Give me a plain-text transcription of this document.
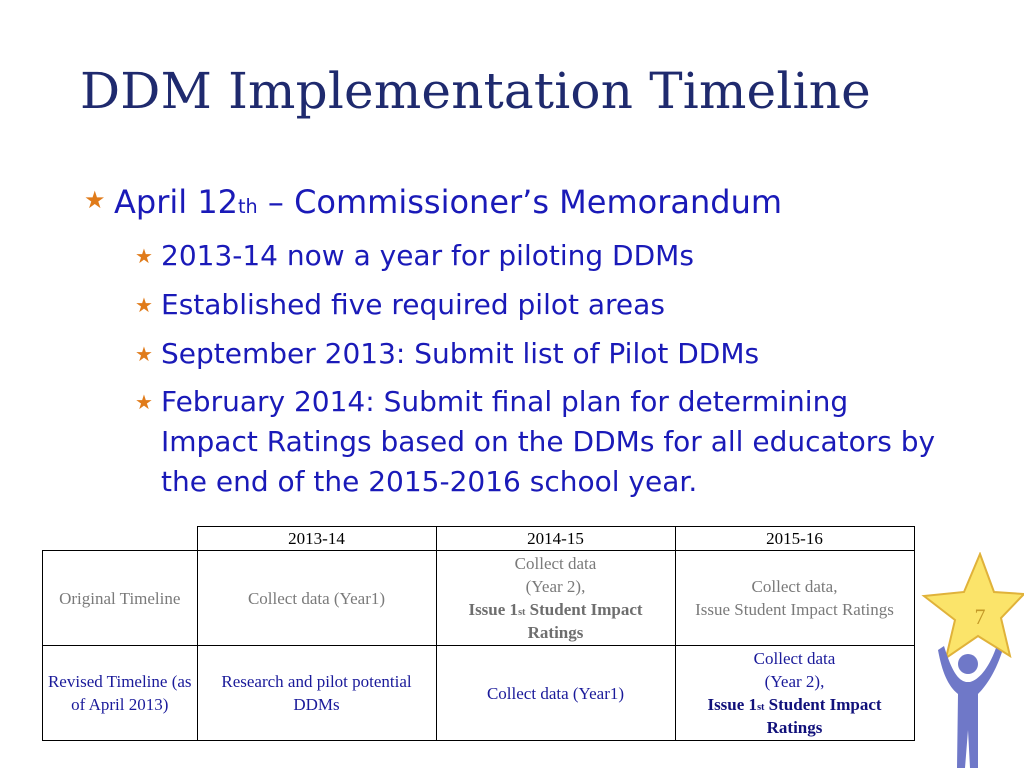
DDM Implementation Timeline
★ April 12th – Commissioner’s Memorandum
★ 2013-14 now a year for piloting DDMs
★ Established five required pilot areas
★ September 2013: Submit list of Pilot DDMs
★ February 2014: Submit final plan for determining Impact Ratings based on the DDMs for all educators by the end of the 2015-2016 school year.
	2013-14	2014-15	2015-16
Original Timeline	Collect data (Year1)	Collect data
(Year 2),
Issue 1st Student Impact Ratings	Collect data,
Issue Student Impact Ratings
Revised Timeline (as of April 2013)	Research and pilot potential DDMs	Collect data (Year1)	Collect data
(Year 2),
Issue 1st Student Impact Ratings
7
